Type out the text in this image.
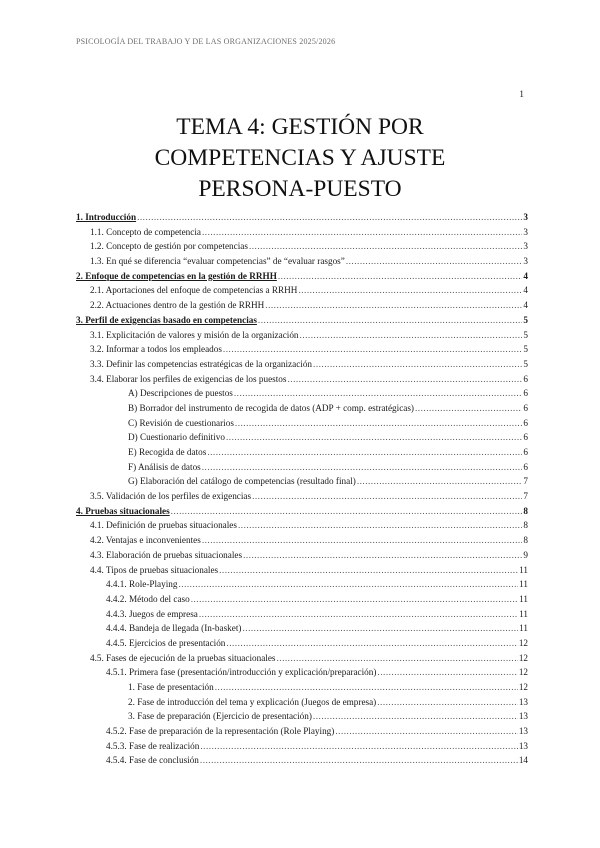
PSICOLOGÍA DEL TRABAJO Y DE LAS ORGANIZACIONES 2025/2026
1
TEMA 4: GESTIÓN POR
COMPETENCIAS Y AJUSTE
PERSONA-PUESTO
1. Introducción .....	3
1.1. Concepto de competencia .....	3
1.2. Concepto de gestión por competencias .....	3
1.3. En qué se diferencia “evaluar competencias” de “evaluar rasgos” .....	3
2. Enfoque de competencias en la gestión de RRHH .....	4
2.1. Aportaciones del enfoque de competencias a RRHH .....	4
2.2. Actuaciones dentro de la gestión de RRHH .....	4
3. Perfil de exigencias basado en competencias .....	5
3.1. Explicitación de valores y misión de la organización .....	5
3.2. Informar a todos los empleados .....	5
3.3. Definir las competencias estratégicas de la organización .....	5
3.4. Elaborar los perfiles de exigencias de los puestos .....	6
A) Descripciones de puestos .....	6
B) Borrador del instrumento de recogida de datos (ADP + comp. estratégicas) .....	6
C) Revisión de cuestionarios .....	6
D) Cuestionario definitivo .....	6
E) Recogida de datos .....	6
F) Análisis de datos .....	6
G) Elaboración del catálogo de competencias (resultado final) .....	7
3.5. Validación de los perfiles de exigencias .....	7
4. Pruebas situacionales .....	8
4.1. Definición de pruebas situacionales .....	8
4.2. Ventajas e inconvenientes .....	8
4.3. Elaboración de pruebas situacionales .....	9
4.4. Tipos de pruebas situacionales .....	11
4.4.1. Role-Playing .....	11
4.4.2. Método del caso .....	11
4.4.3. Juegos de empresa .....	11
4.4.4. Bandeja de llegada (In-basket) .....	11
4.4.5. Ejercicios de presentación .....	12
4.5. Fases de ejecución de la pruebas situacionales .....	12
4.5.1. Primera fase (presentación/introducción y explicación/preparación) .....	12
1. Fase de presentación .....	12
2. Fase de introducción del tema y explicación (Juegos de empresa) .....	13
3. Fase de preparación (Ejercicio de presentación) .....	13
4.5.2. Fase de preparación de la representación (Role Playing) .....	13
4.5.3. Fase de realización .....	13
4.5.4. Fase de conclusión .....	14
